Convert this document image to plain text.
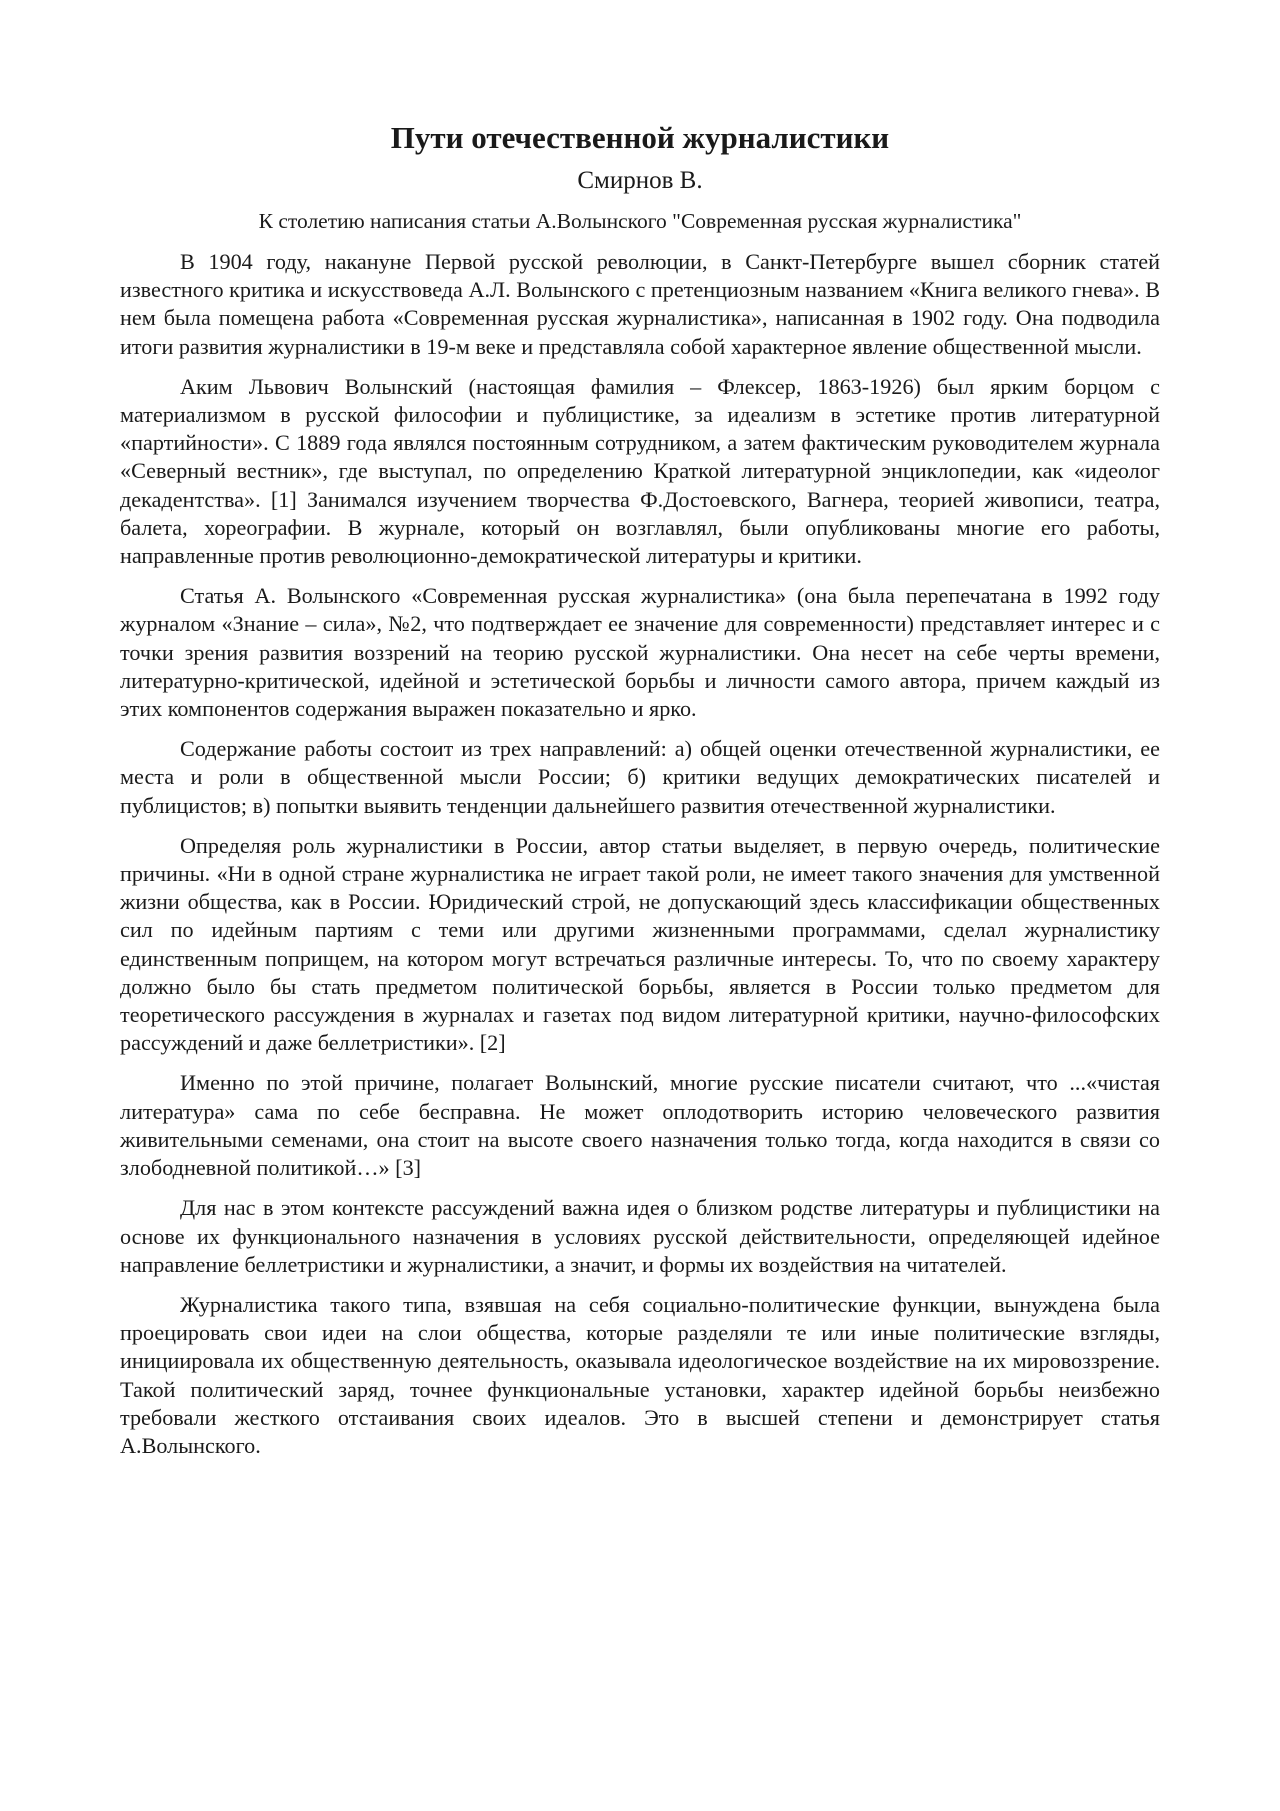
Пути отечественной журналистики
Смирнов В.
К столетию написания статьи А.Волынского "Современная русская журналистика"

В 1904 году, накануне Первой русской революции, в Санкт-Петербурге вышел сборник статей известного критика и искусствоведа А.Л. Волынского с претенциозным названием «Книга великого гнева». В нем была помещена работа «Современная русская журналистика», написанная в 1902 году. Она подводила итоги развития журналистики в 19-м веке и представляла собой характерное явление общественной мысли.

Аким Львович Волынский (настоящая фамилия – Флексер, 1863-1926) был ярким борцом с материализмом в русской философии и публицистике, за идеализм в эстетике против литературной «партийности». С 1889 года являлся постоянным сотрудником, а затем фактическим руководителем журнала «Северный вестник», где выступал, по определению Краткой литературной энциклопедии, как «идеолог декадентства». [1] Занимался изучением творчества Ф.Достоевского, Вагнера, теорией живописи, театра, балета, хореографии. В журнале, который он возглавлял, были опубликованы многие его работы, направленные против революционно-демократической литературы и критики.

Статья А. Волынского «Современная русская журналистика» (она была перепечатана в 1992 году журналом «Знание – сила», №2, что подтверждает ее значение для современности) представляет интерес и с точки зрения развития воззрений на теорию русской журналистики. Она несет на себе черты времени, литературно-критической, идейной и эстетической борьбы и личности самого автора, причем каждый из этих компонентов содержания выражен показательно и ярко.

Содержание работы состоит из трех направлений: а) общей оценки отечественной журналистики, ее места и роли в общественной мысли России; б) критики ведущих демократических писателей и публицистов; в) попытки выявить тенденции дальнейшего развития отечественной журналистики.

Определяя роль журналистики в России, автор статьи выделяет, в первую очередь, политические причины. «Ни в одной стране журналистика не играет такой роли, не имеет такого значения для умственной жизни общества, как в России. Юридический строй, не допускающий здесь классификации общественных сил по идейным партиям с теми или другими жизненными программами, сделал журналистику единственным поприщем, на котором могут встречаться различные интересы. То, что по своему характеру должно было бы стать предметом политической борьбы, является в России только предметом для теоретического рассуждения в журналах и газетах под видом литературной критики, научно-философских рассуждений и даже беллетристики». [2]

Именно по этой причине, полагает Волынский, многие русские писатели считают, что ...«чистая литература» сама по себе бесправна. Не может оплодотворить историю человеческого развития живительными семенами, она стоит на высоте своего назначения только тогда, когда находится в связи со злободневной политикой…» [3]

Для нас в этом контексте рассуждений важна идея о близком родстве литературы и публицистики на основе их функционального назначения в условиях русской действительности, определяющей идейное направление беллетристики и журналистики, а значит, и формы их воздействия на читателей.

Журналистика такого типа, взявшая на себя социально-политические функции, вынуждена была проецировать свои идеи на слои общества, которые разделяли те или иные политические взгляды, инициировала их общественную деятельность, оказывала идеологическое воздействие на их мировоззрение. Такой политический заряд, точнее функциональные установки, характер идейной борьбы неизбежно требовали жесткого отстаивания своих идеалов. Это в высшей степени и демонстрирует статья А.Волынского.
